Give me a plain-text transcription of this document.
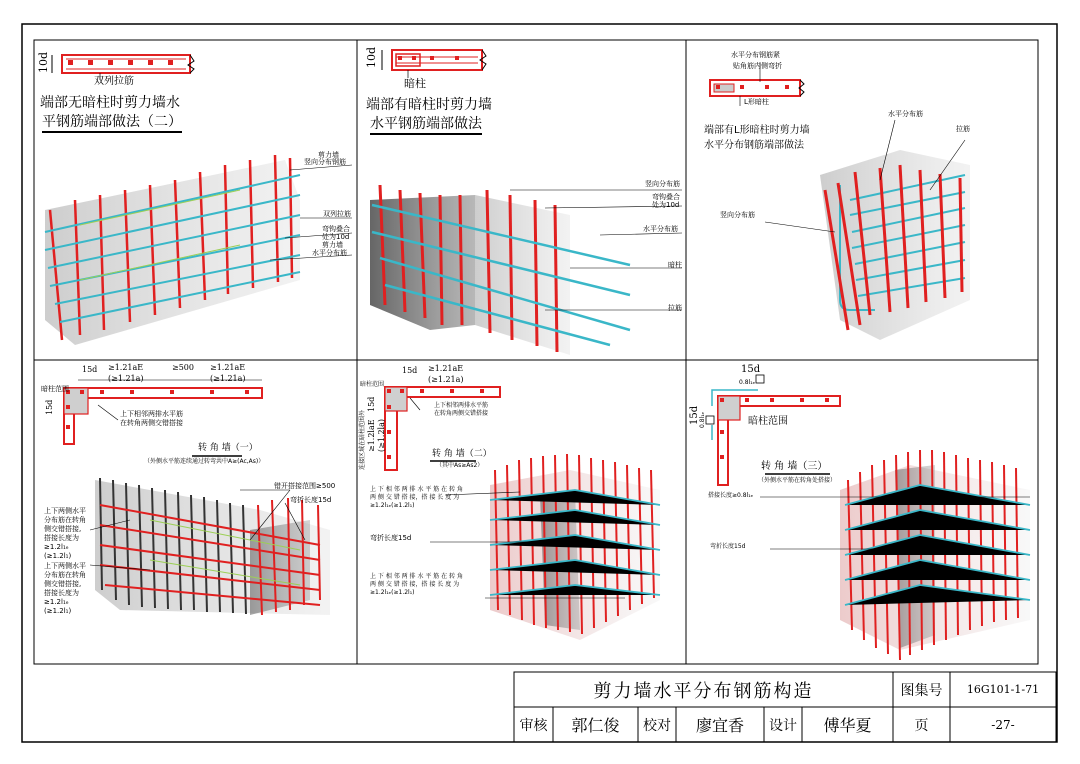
10d
双列拉筋
端部无暗柱时剪力墙水
平钢筋端部做法（二）
剪力墙
竖向分布钢筋
双列拉筋
弯钩叠合
处为10d
剪力墙
水平分布筋
10d
暗柱
端部有暗柱时剪力墙
水平钢筋端部做法
竖向分布筋
弯钩叠合
处为10d
水平分布筋
暗柱
拉筋
水平分布钢筋紧
贴角筋内侧弯折
L形暗柱
端部有L形暗柱时剪力墙
水平分布钢筋端部做法
水平分布筋
拉筋
竖向分布筋
15d ≥1.21aE	≥500 ≥1.21aE
(≥1.21a)	(≥1.21a)
15d
暗柱范围
上下相邻两排水平筋
在转角两侧交错搭接
转 角 墙（一）
（外侧水平筋连续通过转弯共中A≥(Ac,As)）
错开搭接范围≥500
弯折长度15d
上下两侧水平
分布筋在转角
侧交错搭接,
搭接长度为
≥1.2l₁ₑ
(≥1.2l₁)
上下两侧水平
分布筋在转角
侧交错搭接,
搭接长度为
≥1.2l₁ₑ
(≥1.2l₁)
15d ≥1.21aE
(≥1.21a)
15d
≥1.2laE (≥1.2la)
连接区域在暗柱范围外
暗柱范围
上下相邻两排水平筋
在转角两侧交错搭接
转 角 墙（二）
（其中As≥As2）
上 下 相 邻 两 排 水 平 筋 在 转 角
两 侧 交 错 搭 接，搭 接 长 度 为
≥1.2l₁ₑ(≥1.2l₁)
弯折长度15d
上 下 相 邻 两 排 水 平 筋 在 转 角
两 侧 交 错 搭 接，搭 接 长 度 为
≥1.2l₁ₑ(≥1.2l₁)
15d
0.8l₁ₑ
15d 0.8l₁ₑ	暗柱范围
转 角 墙（三）
（外侧水平筋在转角处搭接）
搭接长度≥0.8l₁ₑ
弯折长度15d
剪力墙水平分布钢筋构造	图集号	16G101-1-71
审核	郭仁俊	校对	廖宜香	设计	傅华夏	页	-27-
